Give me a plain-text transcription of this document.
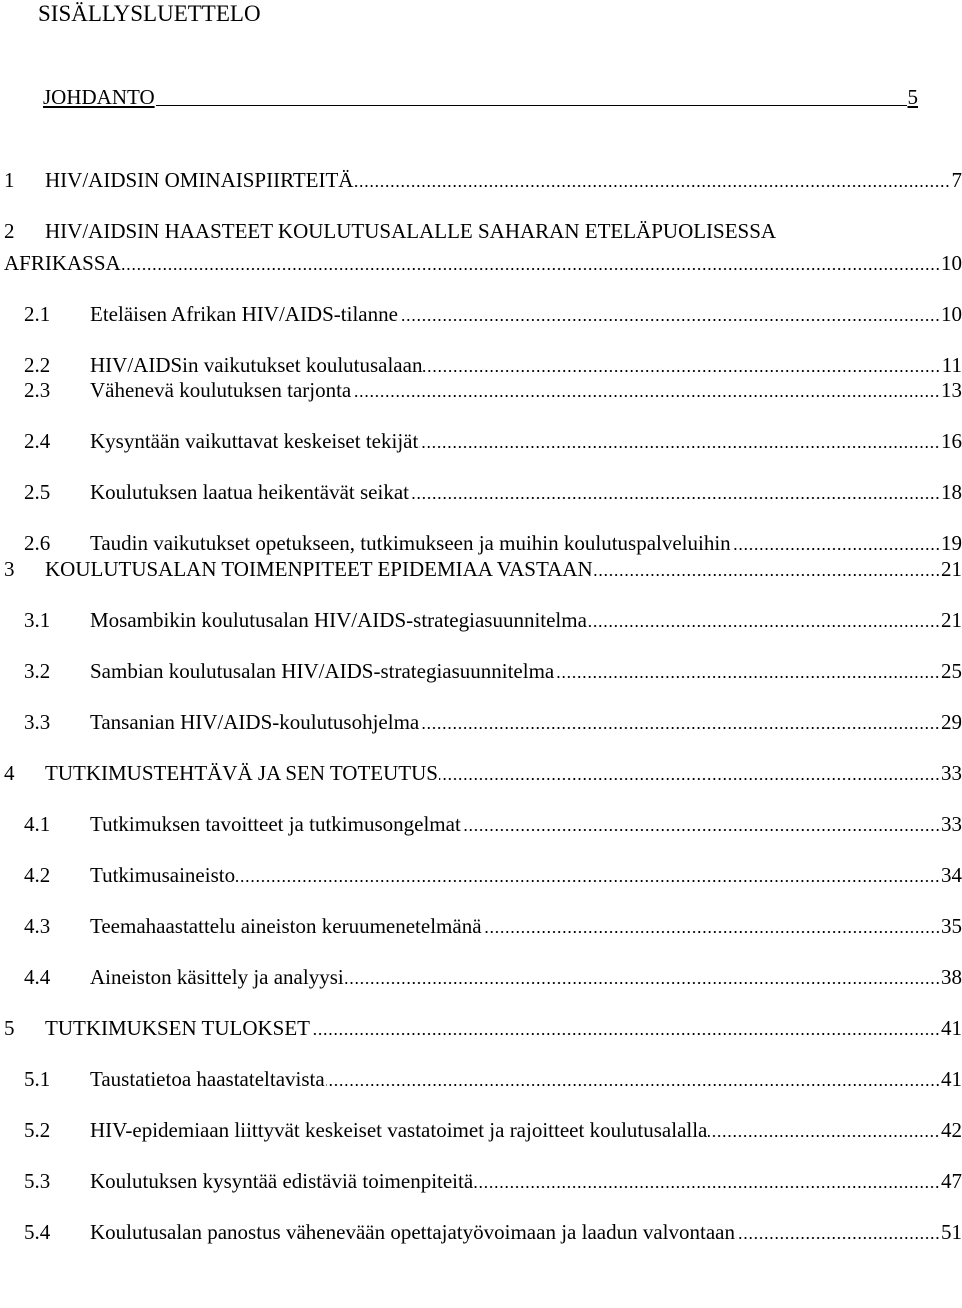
SISÄLLYSLUETTELO
JOHDANTO	5
1	HIV/AIDSIN OMINAISPIIRTEITÄ	7
2 HIV/AIDSIN HAASTEET KOULUTUSALALLE SAHARAN ETELÄPUOLISESSA
AFRIKASSA	10
2.1	Eteläisen Afrikan HIV/AIDS-tilanne	10
2.2	HIV/AIDSin vaikutukset koulutusalaan	11
2.3	Vähenevä koulutuksen tarjonta	13
2.4	Kysyntään vaikuttavat keskeiset tekijät	16
2.5	Koulutuksen laatua heikentävät seikat	18
2.6	Taudin vaikutukset opetukseen, tutkimukseen ja muihin koulutuspalveluihin	19
3	KOULUTUSALAN TOIMENPITEET EPIDEMIAA VASTAAN	21
3.1	Mosambikin koulutusalan HIV/AIDS-strategiasuunnitelma	21
3.2	Sambian koulutusalan HIV/AIDS-strategiasuunnitelma	25
3.3	Tansanian HIV/AIDS-koulutusohjelma	29
4	TUTKIMUSTEHTÄVÄ JA SEN TOTEUTUS	33
4.1	Tutkimuksen tavoitteet ja tutkimusongelmat	33
4.2	Tutkimusaineisto	34
4.3	Teemahaastattelu aineiston keruumenetelmänä	35
4.4	Aineiston käsittely ja analyysi	38
5	TUTKIMUKSEN TULOKSET	41
5.1	Taustatietoa haastateltavista	41
5.2	HIV-epidemiaan liittyvät keskeiset vastatoimet ja rajoitteet koulutusalalla	42
5.3	Koulutuksen kysyntää edistäviä toimenpiteitä	47
5.4	Koulutusalan panostus vähenevään opettajatyövoimaan ja laadun valvontaan	51
